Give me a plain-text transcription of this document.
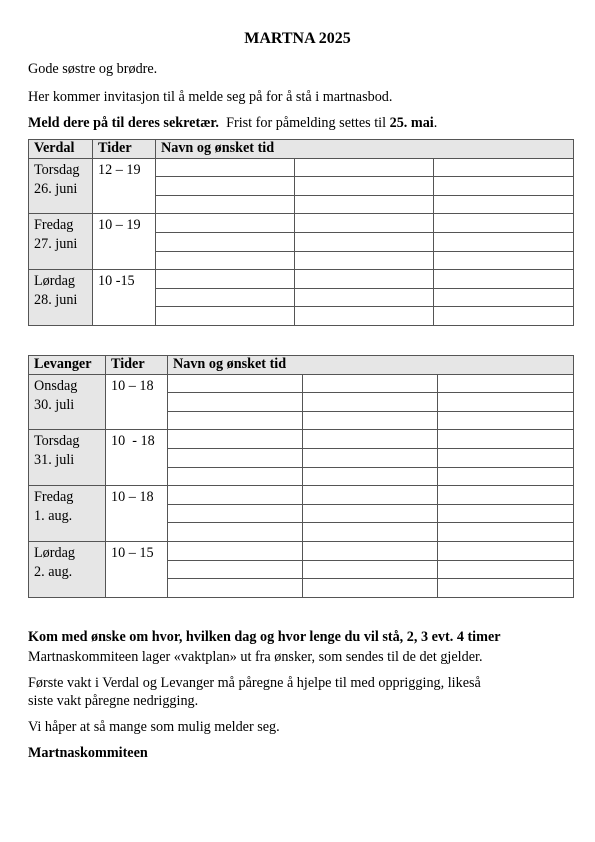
MARTNA 2025
Gode søstre og brødre.
Her kommer invitasjon til å melde seg på for å stå i martnasbod.
Meld dere på til deres sekretær. Frist for påmelding settes til 25. mai.
Verdal	Tider	Navn og ønsket tid		
Torsdag
26. juni	12 – 19			

Fredag
27. juni	10 – 19			

Lørdag
28. juni	10 -15			

Levanger	Tider	Navn og ønsket tid		
Onsdag
30. juli	10 – 18			

Torsdag
31. juli	10  - 18			

Fredag
1. aug.	10 – 18			

Lørdag
2. aug.	10 – 15			

Kom med ønske om hvor, hvilken dag og hvor lenge du vil stå, 2, 3 evt. 4 timer
Martnaskommiteen lager «vaktplan» ut fra ønsker, som sendes til de det gjelder.
Første vakt i Verdal og Levanger må påregne å hjelpe til med opprigging, likeså
siste vakt påregne nedrigging.
Vi håper at så mange som mulig melder seg.
Martnaskommiteen
